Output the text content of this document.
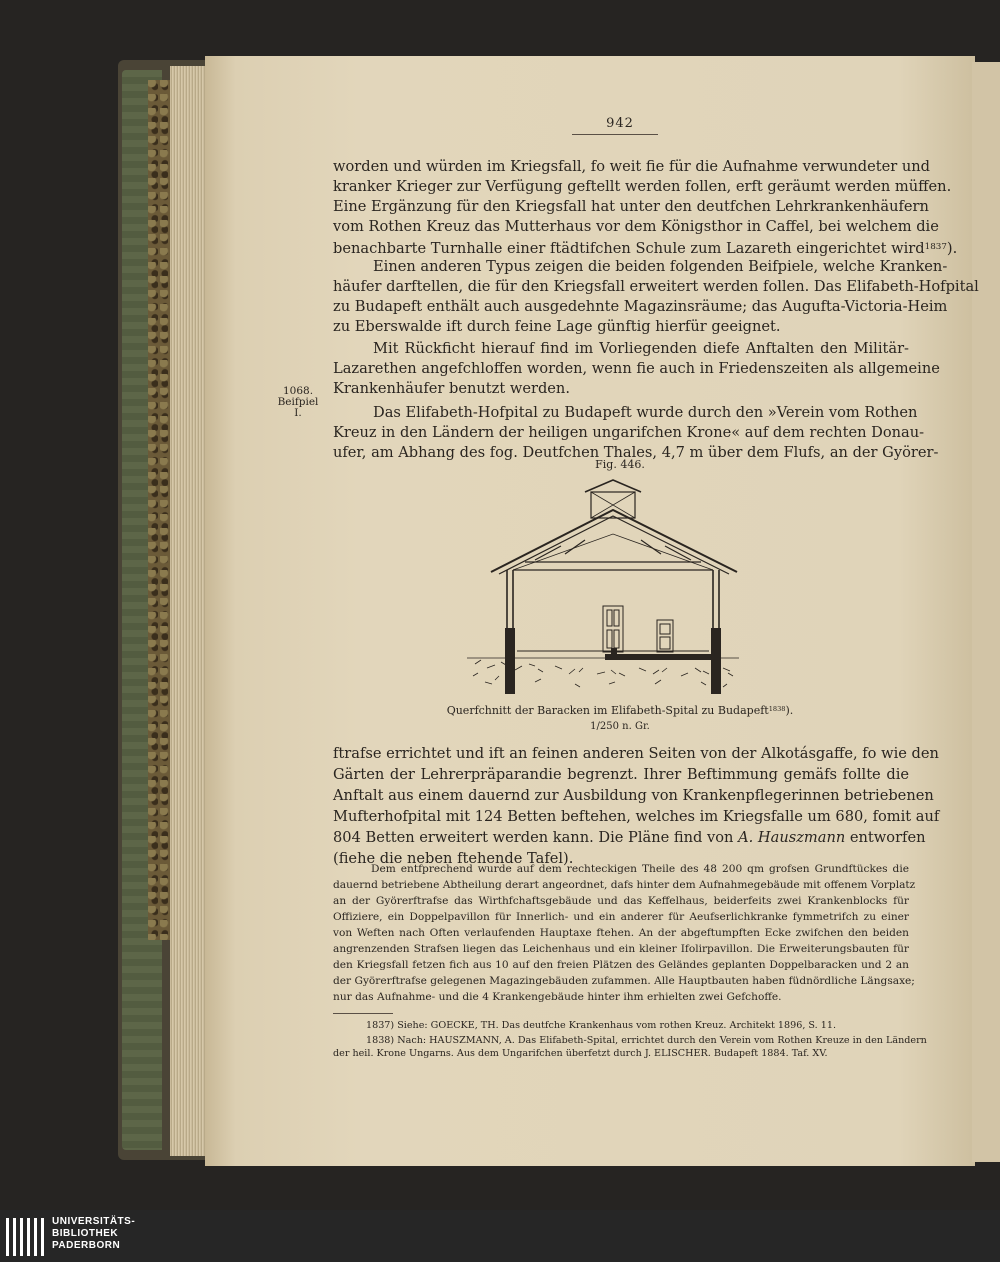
942
worden und würden im Kriegsfall, fo weit fie für die Aufnahme verwundeter und
kranker Krieger zur Verfügung geftellt werden follen, erft geräumt werden müffen.
Eine Ergänzung für den Kriegsfall hat unter den deutfchen Lehrkrankenhäufern
vom Rothen Kreuz das Mutterhaus vor dem Königsthor in Caffel, bei welchem die
benachbarte Turnhalle einer ftädtifchen Schule zum Lazareth eingerichtet wird$^{1837}$).
Einen anderen Typus zeigen die beiden folgenden Beifpiele, welche Kranken-
häufer darftellen, die für den Kriegsfall erweitert werden follen. Das Elifabeth-Hofpital
zu Budapeft enthält auch ausgedehnte Magazinsräume; das Augufta-Victoria-Heim
zu Eberswalde ift durch feine Lage günftig hierfür geeignet.
Mit Rückficht hierauf find im Vorliegenden diefe Anftalten den Militär-
Lazarethen angefchloffen worden, wenn fie auch in Friedenszeiten als allgemeine
Krankenhäufer benutzt werden.
Das Elifabeth-Hofpital zu Budapeft wurde durch den »Verein vom Rothen
Kreuz in den Ländern der heiligen ungarifchen Krone« auf dem rechten Donau-
ufer, am Abhang des fog. Deutfchen Thales, 4,7 m über dem Flufs, an der Györer-
1068.
Beifpiel
I.
Fig. 446.
Querfchnitt der Baracken im Elifabeth-Spital zu Budapeft$^{1838}$).
1/250 n. Gr.
ftrafse errichtet und ift an feinen anderen Seiten von der Alkotásgaffe, fo wie den
Gärten der Lehrerpräparandie begrenzt. Ihrer Beftimmung gemäfs follte die
Anftalt aus einem dauernd zur Ausbildung von Krankenpflegerinnen betriebenen
Mufterhofpital mit 124 Betten beftehen, welches im Kriegsfalle um 680, fomit auf
804 Betten erweitert werden kann. Die Pläne find von A. Hauszmann entworfen
(fiehe die neben ftehende Tafel).
Dem entfprechend wurde auf dem rechteckigen Theile des 48 200 qm grofsen Grundftückes die
dauernd betriebene Abtheilung derart angeordnet, dafs hinter dem Aufnahmegebäude mit offenem Vorplatz
an der Györerftrafse das Wirthfchaftsgebäude und das Keffelhaus, beiderfeits zwei Krankenblocks für
Offiziere, ein Doppelpavillon für Innerlich- und ein anderer für Aeufserlichkranke fymmetrifch zu einer
von Weften nach Often verlaufenden Hauptaxe ftehen. An der abgeftumpften Ecke zwifchen den beiden
angrenzenden Strafsen liegen das Leichenhaus und ein kleiner Ifolirpavillon. Die Erweiterungsbauten für
den Kriegsfall fetzen fich aus 10 auf den freien Plätzen des Geländes geplanten Doppelbaracken und 2 an
der Györerftrafse gelegenen Magazingebäuden zufammen. Alle Hauptbauten haben füdnördliche Längsaxe;
nur das Aufnahme- und die 4 Krankengebäude hinter ihm erhielten zwei Gefchoffe.
1837) Siehe: GOECKE, TH. Das deutfche Krankenhaus vom rothen Kreuz. Architekt 1896, S. 11.
1838) Nach: HAUSZMANN, A. Das Elifabeth-Spital, errichtet durch den Verein vom Rothen Kreuze in den Ländern
der heil. Krone Ungarns. Aus dem Ungarifchen überfetzt durch J. ELISCHER. Budapeft 1884. Taf. XV.
UNIVERSITÄTS-
BIBLIOTHEK
PADERBORN
